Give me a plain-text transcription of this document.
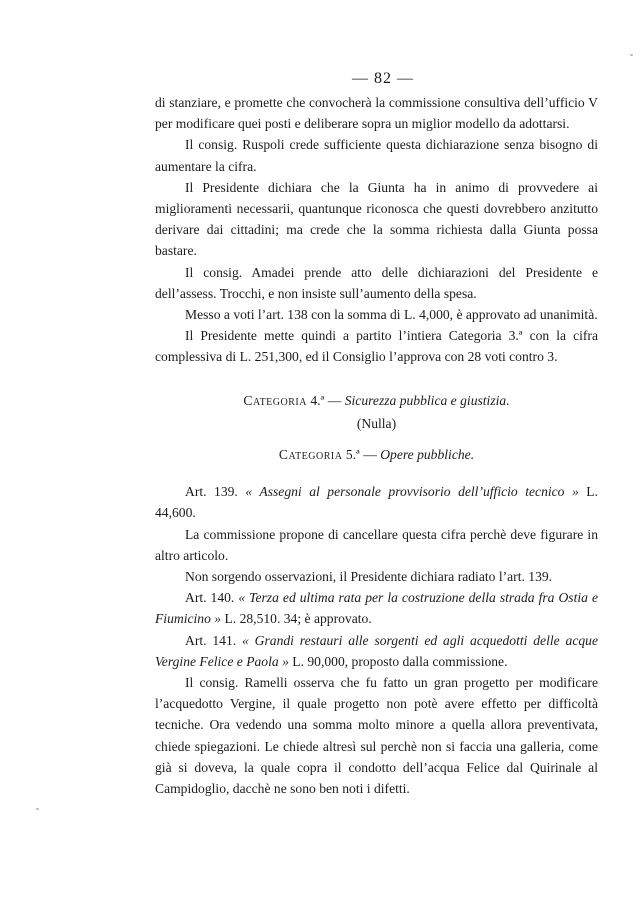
— 82 —

di stanziare, e promette che convocherà la commissione consultiva dell’ufficio V per modificare quei posti e deliberare sopra un miglior modello da adottarsi.

Il consig. Ruspoli crede sufficiente questa dichiarazione senza bisogno di aumentare la cifra.

Il Presidente dichiara che la Giunta ha in animo di provvedere ai miglioramenti necessarii, quantunque riconosca che questi dovrebbero anzitutto derivare dai cittadini; ma crede che la somma richiesta dalla Giunta possa bastare.

Il consig. Amadei prende atto delle dichiarazioni del Presidente e dell’assess. Trocchi, e non insiste sull’aumento della spesa.

Messo a voti l’art. 138 con la somma di L. 4,000, è approvato ad unanimità.

Il Presidente mette quindi a partito l’intiera Categoria 3.ª con la cifra complessiva di L. 251,300, ed il Consiglio l’approva con 28 voti contro 3.

Categoria 4.ª — Sicurezza pubblica e giustizia.

(Nulla)

Categoria 5.ª — Opere pubbliche.

Art. 139. « Assegni al personale provvisorio dell’ufficio tecnico » L. 44,600.

La commissione propone di cancellare questa cifra perchè deve figurare in altro articolo.

Non sorgendo osservazioni, il Presidente dichiara radiato l’art. 139.

Art. 140. « Terza ed ultima rata per la costruzione della strada fra Ostia e Fiumicino » L. 28,510. 34; è approvato.

Art. 141. « Grandi restauri alle sorgenti ed agli acquedotti delle acque Vergine Felice e Paola » L. 90,000, proposto dalla commissione.

Il consig. Ramelli osserva che fu fatto un gran progetto per modificare l’acquedotto Vergine, il quale progetto non potè avere effetto per difficoltà tecniche. Ora vedendo una somma molto minore a quella allora preventivata, chiede spiegazioni. Le chiede altresì sul perchè non si faccia una galleria, come già si doveva, la quale copra il condotto dell’acqua Felice dal Quirinale al Campidoglio, dacchè ne sono ben noti i difetti.
